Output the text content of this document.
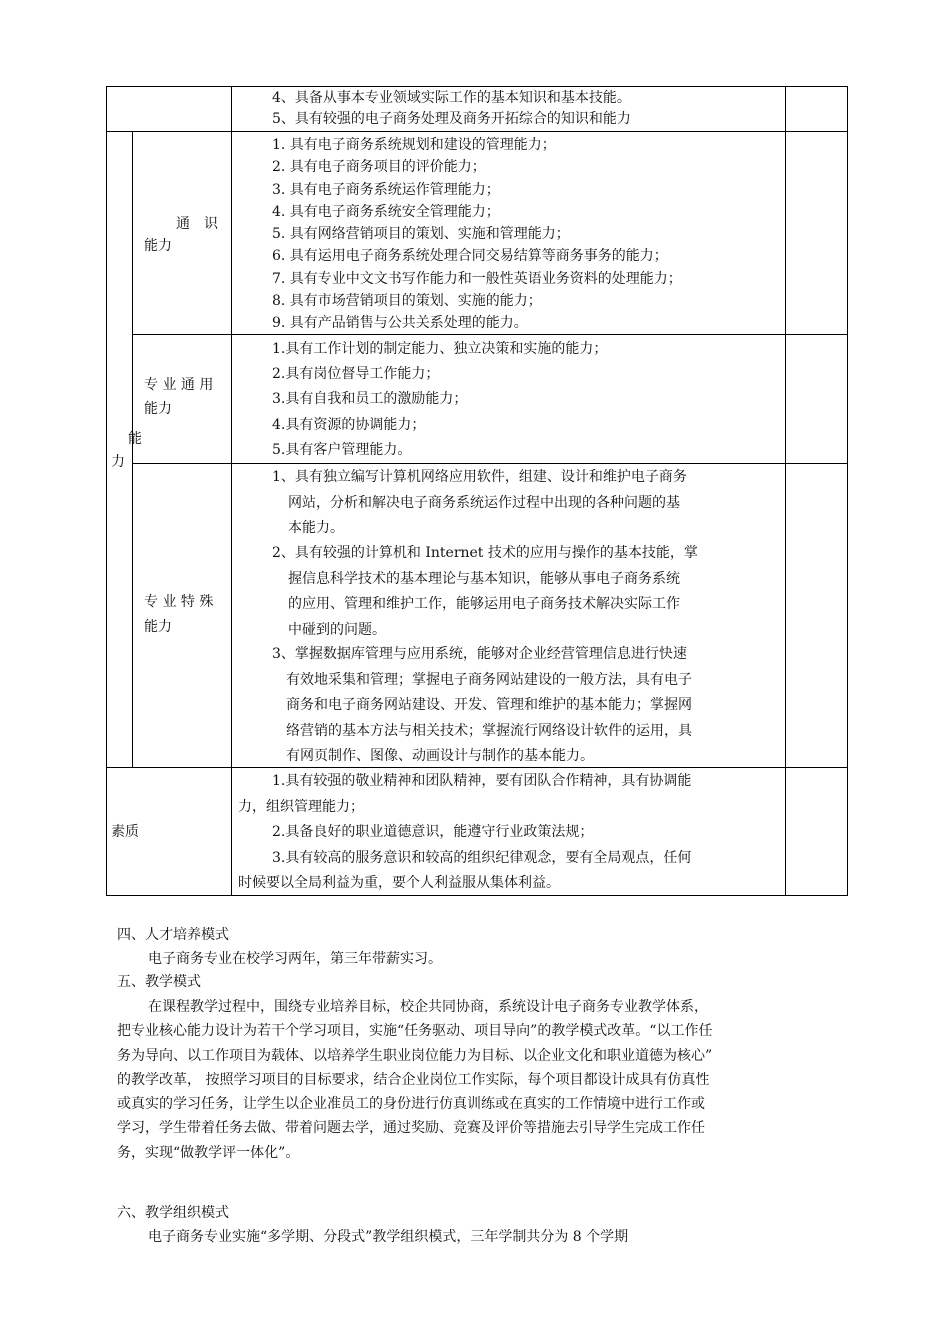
4、具备从事本专业领域实际工作的基本知识和基本技能。
5、具有较强的电子商务处理及商务开拓综合的知识和能力
能
力
通　识
能力
1. 具有电子商务系统规划和建设的管理能力；
2. 具有电子商务项目的评价能力；
3. 具有电子商务系统运作管理能力；
4. 具有电子商务系统安全管理能力；
5. 具有网络营销项目的策划、实施和管理能力；
6. 具有运用电子商务系统处理合同交易结算等商务事务的能力；
7. 具有专业中文文书写作能力和一般性英语业务资料的处理能力；
8. 具有市场营销项目的策划、实施的能力；
9. 具有产品销售与公共关系处理的能力。
专 业 通 用
能力
1.具有工作计划的制定能力、独立决策和实施的能力；
2.具有岗位督导工作能力；
3.具有自我和员工的激励能力；
4.具有资源的协调能力；
5.具有客户管理能力。
专 业 特 殊
能力
1、具有独立编写计算机网络应用软件，组建、设计和维护电子商务
网站，分析和解决电子商务系统运作过程中出现的各种问题的基
本能力。
2、具有较强的计算机和 Internet 技术的应用与操作的基本技能，掌
握信息科学技术的基本理论与基本知识，能够从事电子商务系统
的应用、管理和维护工作，能够运用电子商务技术解决实际工作
中碰到的问题。
3、掌握数据库管理与应用系统，能够对企业经营管理信息进行快速
有效地采集和管理；掌握电子商务网站建设的一般方法，具有电子
商务和电子商务网站建设、开发、管理和维护的基本能力；掌握网
络营销的基本方法与相关技术；掌握流行网络设计软件的运用，具
有网页制作、图像、动画设计与制作的基本能力。
素质
1.具有较强的敬业精神和团队精神，要有团队合作精神，具有协调能
力，组织管理能力；
2.具备良好的职业道德意识，能遵守行业政策法规；
3.具有较高的服务意识和较高的组织纪律观念，要有全局观点，任何
时候要以全局利益为重，要个人利益服从集体利益。
四、人才培养模式
电子商务专业在校学习两年，第三年带薪实习。
五、教学模式
在课程教学过程中，围绕专业培养目标，校企共同协商，系统设计电子商务专业教学体系，
把专业核心能力设计为若干个学习项目，实施“任务驱动、项目导向”的教学模式改革。“以工作任
务为导向、以工作项目为载体、以培养学生职业岗位能力为目标、以企业文化和职业道德为核心”
的教学改革， 按照学习项目的目标要求，结合企业岗位工作实际，每个项目都设计成具有仿真性
或真实的学习任务，让学生以企业准员工的身份进行仿真训练或在真实的工作情境中进行工作或
学习，学生带着任务去做、带着问题去学，通过奖励、竞赛及评价等措施去引导学生完成工作任
务，实现“做教学评一体化”。
六、教学组织模式
电子商务专业实施“多学期、分段式”教学组织模式，三年学制共分为 8 个学期
